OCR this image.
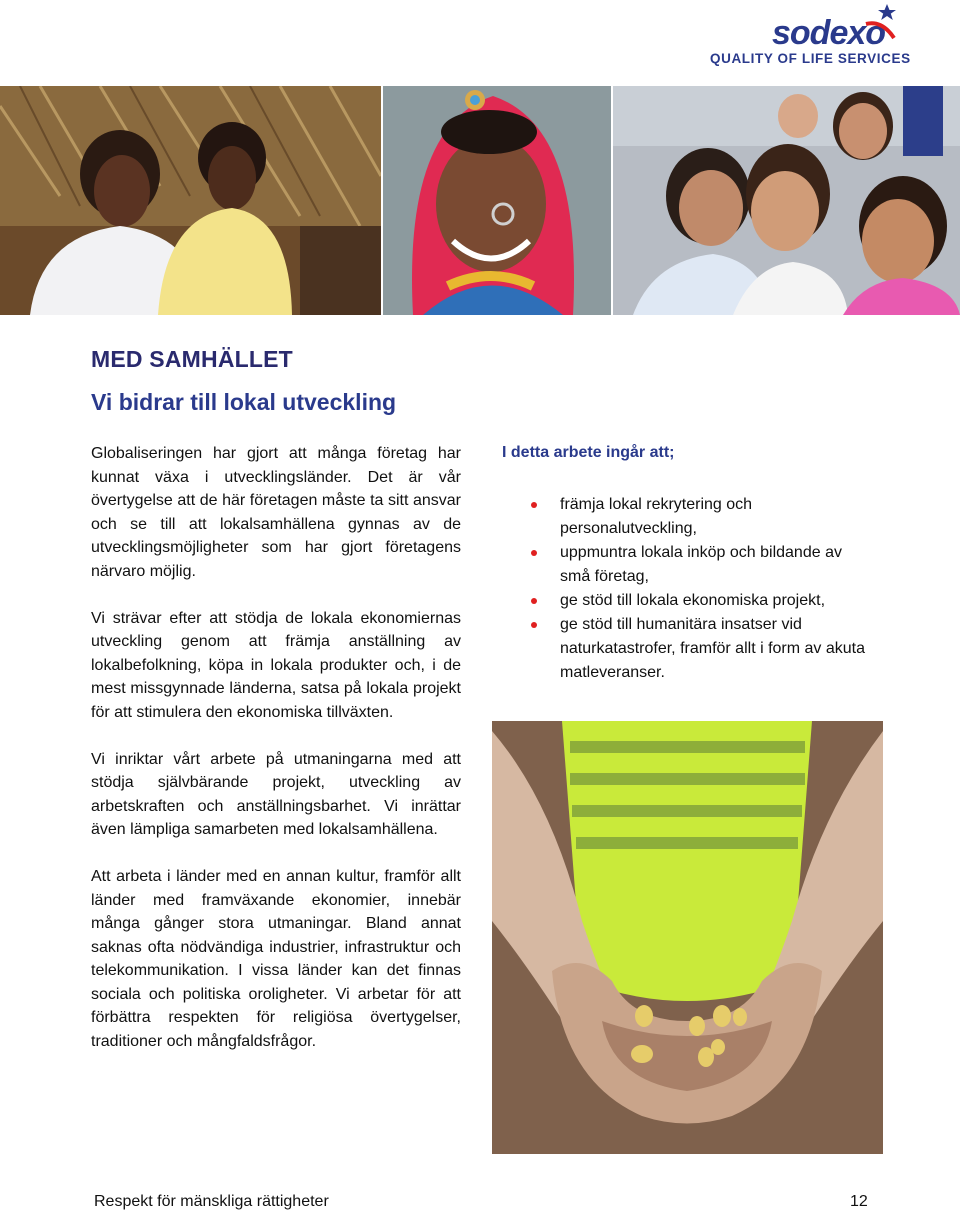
sodexo
QUALITY OF LIFE SERVICES
MED SAMHÄLLET
Vi bidrar till lokal utveckling

Globaliseringen har gjort att många företag har kunnat växa i utvecklingsländer. Det är vår övertygelse att de här företagen måste ta sitt ansvar och se till att lokalsamhällena gynnas av de utvecklingsmöjligheter som har gjort företagens närvaro möjlig.

Vi strävar efter att stödja de lokala ekonomiernas utveckling genom att främja anställning av lokalbefolkning, köpa in lokala produkter och, i de mest missgynnade länderna, satsa på lokala projekt för att stimulera den ekonomiska tillväxten.

Vi inriktar vårt arbete på utmaningarna med att stödja självbärande projekt, utveckling av arbetskraften och anställningsbarhet. Vi inrättar även lämpliga samarbeten med lokalsamhällena.

Att arbeta i länder med en annan kultur, framför allt länder med framväxande ekonomier, innebär många gånger stora utmaningar. Bland annat saknas ofta nödvändiga industrier, infrastruktur och telekommunikation. I vissa länder kan det finnas sociala och politiska oroligheter. Vi arbetar för att förbättra respekten för religiösa övertygelser, traditioner och mångfaldsfrågor.

I detta arbete ingår att;

främja lokal rekrytering och personalutveckling,
uppmuntra lokala inköp och bildande av små företag,
ge stöd till lokala ekonomiska projekt,
ge stöd till humanitära insatser vid naturkatastrofer, framför allt i form av akuta matleveranser.
Respekt för mänskliga rättigheter	12
